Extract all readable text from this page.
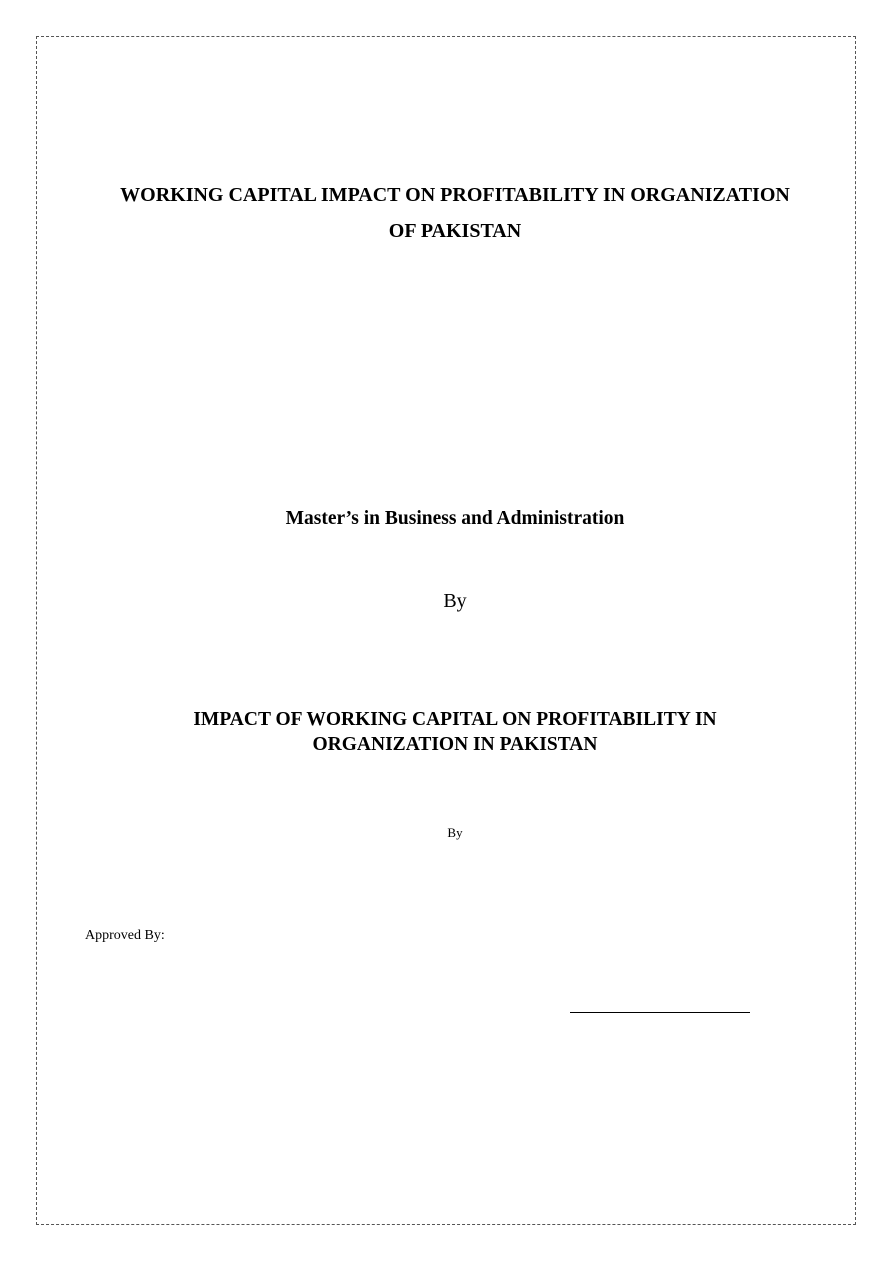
WORKING CAPITAL IMPACT ON PROFITABILITY IN ORGANIZATION
OF PAKISTAN
Master’s in Business and Administration
By
IMPACT OF WORKING CAPITAL ON PROFITABILITY IN
ORGANIZATION IN PAKISTAN
By
Approved By:
